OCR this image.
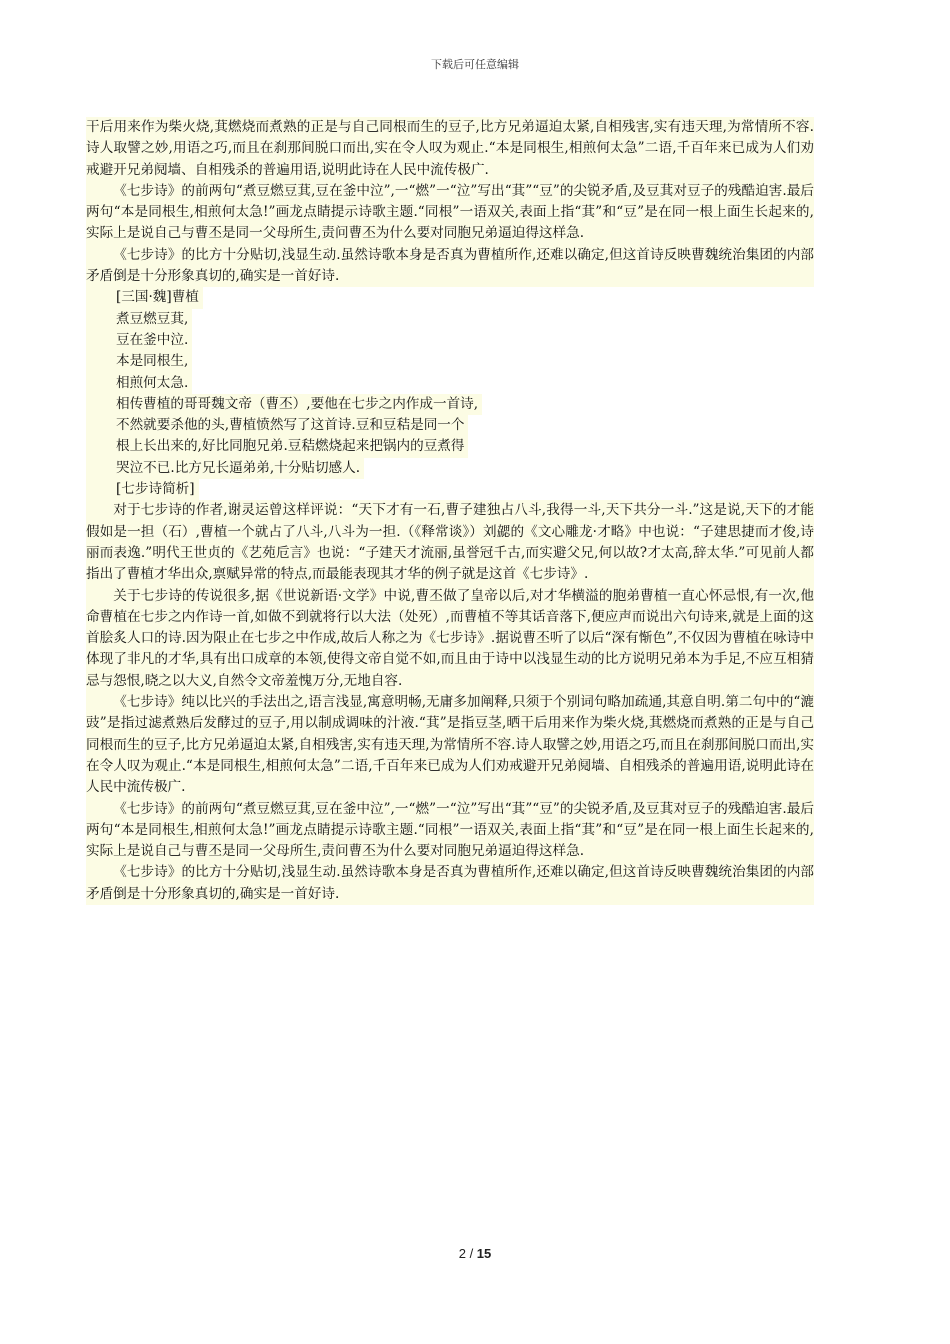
下载后可任意编辑

干后用来作为柴火烧,萁燃烧而煮熟的正是与自己同根而生的豆子,比方兄弟逼迫太紧,自相残害,实有违天理,为常情所不容.诗人取譬之妙,用语之巧,而且在刹那间脱口而出,实在令人叹为观止.“本是同根生,相煎何太急”二语,千百年来已成为人们劝戒避开兄弟阋墙、自相残杀的普遍用语,说明此诗在人民中流传极广.

《七步诗》的前两句“煮豆燃豆萁,豆在釜中泣”,一“燃”一“泣”写出“萁”“豆”的尖锐矛盾,及豆萁对豆子的残酷迫害.最后两句“本是同根生,相煎何太急!”画龙点睛提示诗歌主题.“同根”一语双关,表面上指“萁”和“豆”是在同一根上面生长起来的,实际上是说自己与曹丕是同一父母所生,责问曹丕为什么要对同胞兄弟逼迫得这样急.

《七步诗》的比方十分贴切,浅显生动.虽然诗歌本身是否真为曹植所作,还难以确定,但这首诗反映曹魏统治集团的内部矛盾倒是十分形象真切的,确实是一首好诗.

[三国·魏]曹植
煮豆燃豆萁,
豆在釜中泣.
本是同根生,
相煎何太急.
相传曹植的哥哥魏文帝（曹丕）,要他在七步之内作成一首诗,
不然就要杀他的头,曹植愤然写了这首诗.豆和豆秸是同一个
根上长出来的,好比同胞兄弟.豆秸燃烧起来把锅内的豆煮得
哭泣不已.比方兄长逼弟弟,十分贴切感人.
[七步诗简析]

对于七步诗的作者,谢灵运曾这样评说：“天下才有一石,曹子建独占八斗,我得一斗,天下共分一斗.”这是说,天下的才能假如是一担（石）,曹植一个就占了八斗,八斗为一担.（《释常谈》）刘勰的《文心雕龙·才略》中也说：“子建思捷而才俊,诗丽而表逸.”明代王世贞的《艺苑卮言》也说：“子建天才流丽,虽誉冠千古,而实避父兄,何以故?才太高,辞太华.”可见前人都指出了曹植才华出众,禀赋异常的特点,而最能表现其才华的例子就是这首《七步诗》.

关于七步诗的传说很多,据《世说新语·文学》中说,曹丕做了皇帝以后,对才华横溢的胞弟曹植一直心怀忌恨,有一次,他命曹植在七步之内作诗一首,如做不到就将行以大法（处死）,而曹植不等其话音落下,便应声而说出六句诗来,就是上面的这首脍炙人口的诗.因为限止在七步之中作成,故后人称之为《七步诗》.据说曹丕听了以后“深有惭色”,不仅因为曹植在咏诗中体现了非凡的才华,具有出口成章的本领,使得文帝自觉不如,而且由于诗中以浅显生动的比方说明兄弟本为手足,不应互相猜忌与怨恨,晓之以大义,自然令文帝羞愧万分,无地自容.

《七步诗》纯以比兴的手法出之,语言浅显,寓意明畅,无庸多加阐释,只须于个别词句略加疏通,其意自明.第二句中的“漉豉”是指过滤煮熟后发酵过的豆子,用以制成调味的汁液.“萁”是指豆茎,晒干后用来作为柴火烧,萁燃烧而煮熟的正是与自己同根而生的豆子,比方兄弟逼迫太紧,自相残害,实有违天理,为常情所不容.诗人取譬之妙,用语之巧,而且在刹那间脱口而出,实在令人叹为观止.“本是同根生,相煎何太急”二语,千百年来已成为人们劝戒避开兄弟阋墙、自相残杀的普遍用语,说明此诗在人民中流传极广.

《七步诗》的前两句“煮豆燃豆萁,豆在釜中泣”,一“燃”一“泣”写出“萁”“豆”的尖锐矛盾,及豆萁对豆子的残酷迫害.最后两句“本是同根生,相煎何太急!”画龙点睛提示诗歌主题.“同根”一语双关,表面上指“萁”和“豆”是在同一根上面生长起来的,实际上是说自己与曹丕是同一父母所生,责问曹丕为什么要对同胞兄弟逼迫得这样急.

《七步诗》的比方十分贴切,浅显生动.虽然诗歌本身是否真为曹植所作,还难以确定,但这首诗反映曹魏统治集团的内部矛盾倒是十分形象真切的,确实是一首好诗.

2 / 15
